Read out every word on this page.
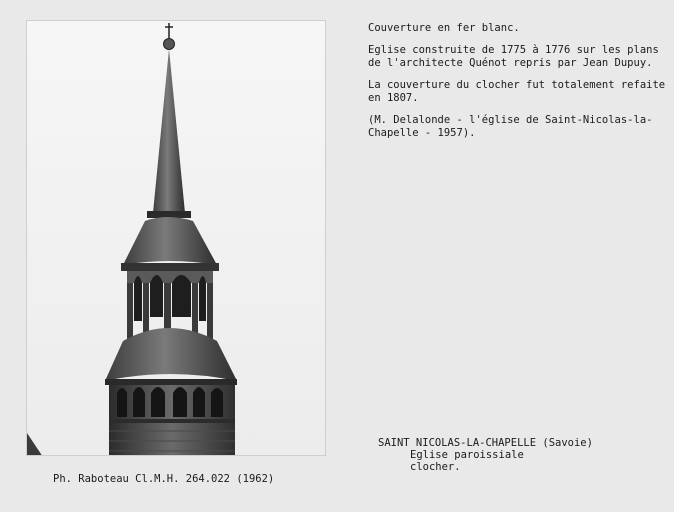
Couverture en fer blanc.

Eglise construite de 1775 à 1776 sur les plans
de l'architecte Quénot repris par Jean Dupuy.

La couverture du clocher fut totalement refaite
en 1807.

(M. Delalonde - l'église de Saint-Nicolas-la-
Chapelle - 1957).

SAINT NICOLAS-LA-CHAPELLE (Savoie)
Eglise paroissiale
clocher.
Ph. Raboteau Cl.M.H. 264.022 (1962)
